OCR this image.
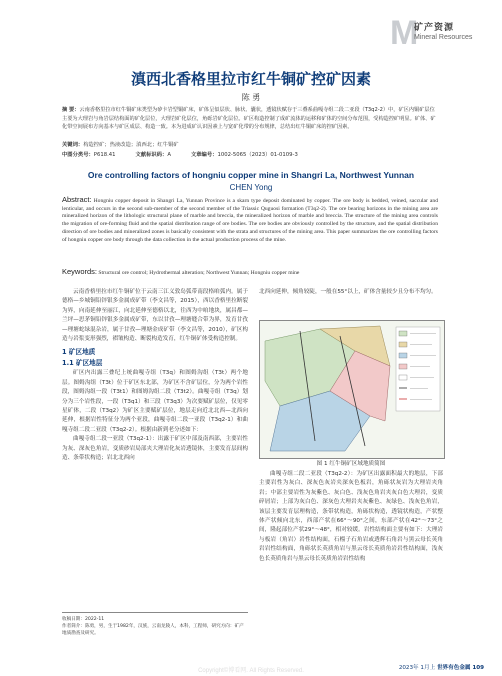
M
矿产资源
Mineral Resources
滇西北香格里拉市红牛铜矿控矿因素
陈 勇
摘 要：云南香格里拉市红牛铜矿床类型为矽卡岩型铜矿床，矿体呈似层状、脉状、囊状，透镜状赋存于三叠系曲嘎寺组二段二亚段（T3q2-2）中，矿区内铜矿层位主要为大理岩与角岩层结构面的矿化层位，大理岩矿化层位，角砾岩矿化层位。矿区构造控制了成矿流体的运移和矿体的空间分布范围，受构造控矿明显。矿体、矿化带空间展布方向基本与矿区成层、构造一致。本为进成矿认识因素上与宽矿化带的分布规律，总结出红牛铜矿床的控矿因素。
关键词：构造控矿；热液改造；滇西北；红牛铜矿
中图分类号：P618.41	文献标识码：A	文章编号：1002-5065（2023）01-0109-3
Ore controlling factors of hongniu copper mine in Shangri La, Northwest Yunnan
CHEN Yong
Abstract: Hongniu copper deposit in Shangri La, Yunnan Province is a skarn type deposit dominated by copper. The ore body is bedded, veined, saccular and lenticular, and occurs in the second sub-member of the second member of the Triassic Quguosi formation (T3q2-2). The ore bearing horizons in the mining area are mineralized horizon of the lithologic structural plane of marble and breccia, the mineralized horizon of marble and breccia. The structure of the mining area controls the migration of ore-forming fluid and the spatial distribution range of ore bodies. The ore bodies are obviously controlled by the structure, and the spatial distribution direction of ore bodies and mineralized zones is basically consistent with the strata and structures of the mining area. This paper summarizes the ore controlling factors of hongniu copper ore body through the data collection in the actual production process of the mine.
Keywords: Structural ore control; Hydrothermal alteration; Northwest Yunnan; Hongniu copper mine

云南香格里拉市红牛铜矿位于云南三江义敦岛弧带南段格咱弧内。属于德格—乡城铜铅锌银多金属成矿带（李文昌等，2015），西以香格里拉断裂为界，向南延伸至丽江，向北延伸至德格以北，往西为中咱地块，属昌都—兰坪—思茅铜铅锌银多金属成矿带，东以甘孜—理塘缝合带为界，发育甘孜—理塘蛇绿混杂岩，属于甘孜—理塘金成矿带（李文昌等，2010），矿区构造与岩浆变形强烈，褶皱构造、断裂构造发育，红牛铜矿体受构造控制。

1 矿区地质
1.1 矿区地层

矿区内出露三叠纪上统曲嘎寺组（T3q）和图姆沟组（T3t）两个地层。图姆沟组（T3t）位于矿区东北部，为矿区不含矿层位，分为两个岩性段，图姆沟组一段（T3t1）和图姆沟组二段（T3t2）。曲嘎寺组（T3q）划分为三个岩性段，一段（T3q1）和三段（T3q3）为次要赋矿层位，仅见零星矿体，二段（T3q2）为矿区主要赋矿层位，地层走向近北北西—北西向延伸，根据岩性特征分为两个亚段，曲嘎寺组二段一亚段（T3q2-1）和曲嘎寺组二段二亚段（T3q2-2）。根据由新到老分述如下：

曲嘎寺组二段一亚段（T3q2-1）：出露于矿区中部及南西部，主要岩性为灰、深灰色角岩，变质砂岩局部夹大理岩化灰岩透镜体，主要发育层间构造、条带状构造；岩北北西向

北西向延伸，倾角较陡，一般在55°以上，矿体含量较少且分布不均匀。

图 1 红牛铜矿区域地质简图

曲嘎寺组二段二亚段（T3q2-2）：为矿区出露面积最大的地层，下部主要岩性为灰白、深灰色灰岩夹深灰色板岩，角砾状灰岩为大理岩夹角岩；中部主要岩性为灰紫色、灰白色、浅灰色角岩夹灰白色大理岩，变质碎屑岩；上部为灰白色、深灰色大理岩夹灰紫色、灰绿色、浅灰色角岩，该层主要发育层理构造，条带状构造，角砾状构造，透镜状构造，产状整体产状倾向北东，西部产状在66°～90°之间，东部产状在42°～73°之间，隆起部位产状29°～48°，相对较缓。岩性结构面主要有如下：大理岩与板岩（角岩）岩性结构面，石榴子石角岩或透辉石角岩与黑云母长英角岩岩性结构面，角砾状长英质角岩与黑云母长英质角岩岩性结构面，浅灰色长英质角岩与黑云母长英质角岩岩性结构

收稿日期：2022-11
作者简介：陈勇，男，生于1982年，汉族，云南龙陵人，本科，工程师，研究方向：矿产地质勘查及研究。
2023年 1月上 世界有色金属 109
Copyright©博看网. All Rights Reserved.
